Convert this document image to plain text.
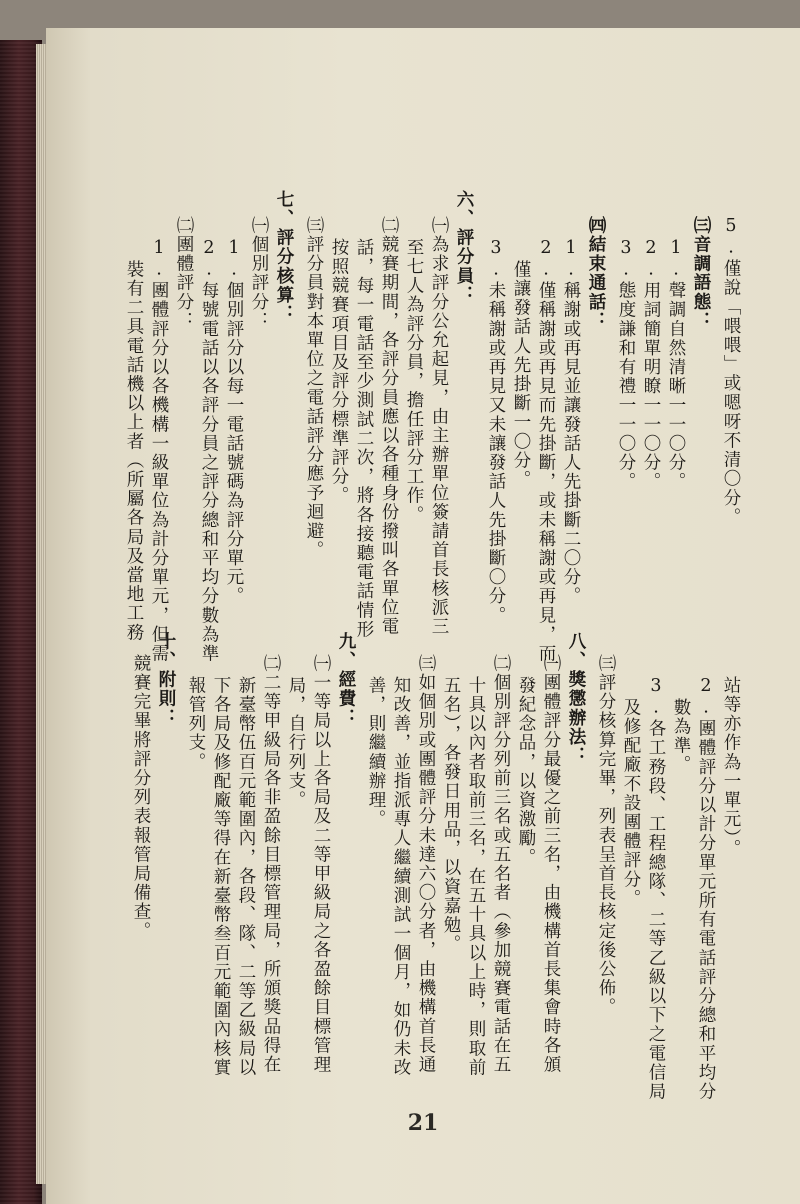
5.僅說「喂喂」或嗯呀不清〇分。
㈢音調語態：
1.聲調自然清晰一一〇分。
2.用詞簡單明瞭一一〇分。
3.態度謙和有禮一一〇分。
㈣結束通話：
1.稱謝或再見並讓發話人先掛斷二〇分。
2.僅稱謝或再見而先掛斷，或未稱謝或再見，而
僅讓發話人先掛斷一〇分。
3.未稱謝或再見又未讓發話人先掛斷〇分。
六、評分員：
㈠為求評分公允起見，由主辦單位簽請首長核派三
至七人為評分員，擔任評分工作。
㈡競賽期間，各評分員應以各種身份撥叫各單位電
話，每一電話至少測試二次，將各接聽電話情形
按照競賽項目及評分標準評分。
㈢評分員對本單位之電話評分應予迴避。
七、評分核算：
㈠個別評分：
1.個別評分以每一電話號碼為評分單元。
2.每號電話以各評分員之評分總和平均分數為準
㈡團體評分：
1.團體評分以各機構一級單位為計分單元，但需
裝有二具電話機以上者（所屬各局及當地工務
站等亦作為一單元）。
2.團體評分以計分單元所有電話評分總和平均分
數為準。
3.各工務段、工程總隊、二等乙級以下之電信局
及修配廠不設團體評分。
㈢評分核算完畢，列表呈首長核定後公佈。
八、獎懲辦法：
㈠團體評分最優之前三名，由機構首長集會時各頒
發紀念品，以資激勵。
㈡個別評分列前三名或五名者（參加競賽電話在五
十具以內者取前三名，在五十具以上時，則取前
五名），各發日用品，以資嘉勉。
㈢如個別或團體評分未達六〇分者，由機構首長通
知改善，並指派專人繼續測試一個月，如仍未改
善，則繼續辦理。
九、經費：
㈠一等局以上各局及二等甲級局之各盈餘目標管理
局，自行列支。
㈡二等甲級局各非盈餘目標管理局，所頒獎品得在
新臺幣伍百元範圍內，各段、隊、二等乙級局以
下各局及修配廠等得在新臺幣叁百元範圍內核實
報管列支。
十、附則：
競賽完畢將評分列表報管局備查。
21
